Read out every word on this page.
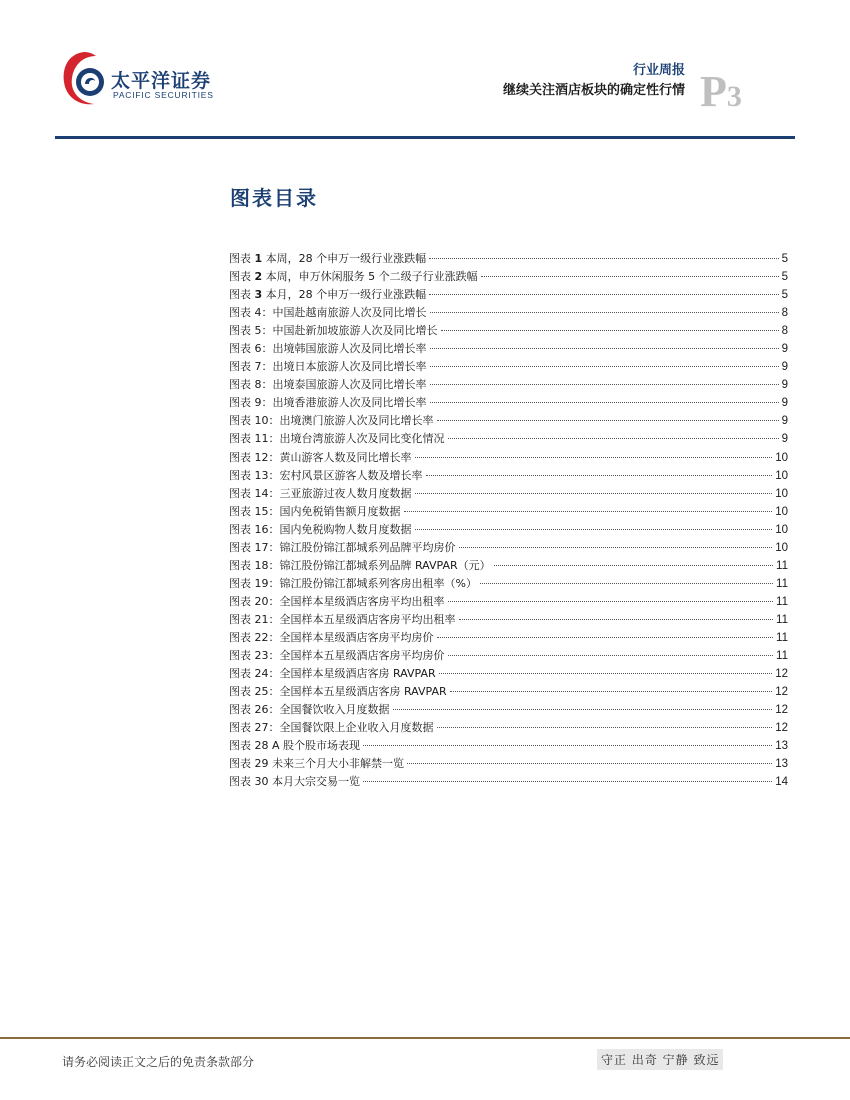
太平洋证券
PACIFIC SECURITIES
行业周报
继续关注酒店板块的确定性行情 P3
图表目录
图表 1 本周，28 个申万一级行业涨跌幅	5
图表 2 本周，申万休闲服务 5 个二级子行业涨跌幅	5
图表 3 本月，28 个申万一级行业涨跌幅	5
图表 4：中国赴越南旅游人次及同比增长	8
图表 5：中国赴新加坡旅游人次及同比增长	8
图表 6：出境韩国旅游人次及同比增长率	9
图表 7：出境日本旅游人次及同比增长率	9
图表 8：出境泰国旅游人次及同比增长率	9
图表 9：出境香港旅游人次及同比增长率	9
图表 10：出境澳门旅游人次及同比增长率	9
图表 11：出境台湾旅游人次及同比变化情况	9
图表 12：黄山游客人数及同比增长率	10
图表 13：宏村风景区游客人数及增长率	10
图表 14：三亚旅游过夜人数月度数据	10
图表 15：国内免税销售额月度数据	10
图表 16：国内免税购物人数月度数据	10
图表 17：锦江股份锦江都城系列品牌平均房价	10
图表 18：锦江股份锦江都城系列品牌 RAVPAR（元）	11
图表 19：锦江股份锦江都城系列客房出租率（%）	11
图表 20：全国样本星级酒店客房平均出租率	11
图表 21：全国样本五星级酒店客房平均出租率	11
图表 22：全国样本星级酒店客房平均房价	11
图表 23：全国样本五星级酒店客房平均房价	11
图表 24：全国样本星级酒店客房 RAVPAR	12
图表 25：全国样本五星级酒店客房 RAVPAR	12
图表 26：全国餐饮收入月度数据	12
图表 27：全国餐饮限上企业收入月度数据	12
图表 28 A 股个股市场表现	13
图表 29 未来三个月大小非解禁一览	13
图表 30 本月大宗交易一览	14
请务必阅读正文之后的免责条款部分	守正 出奇 宁静 致远
